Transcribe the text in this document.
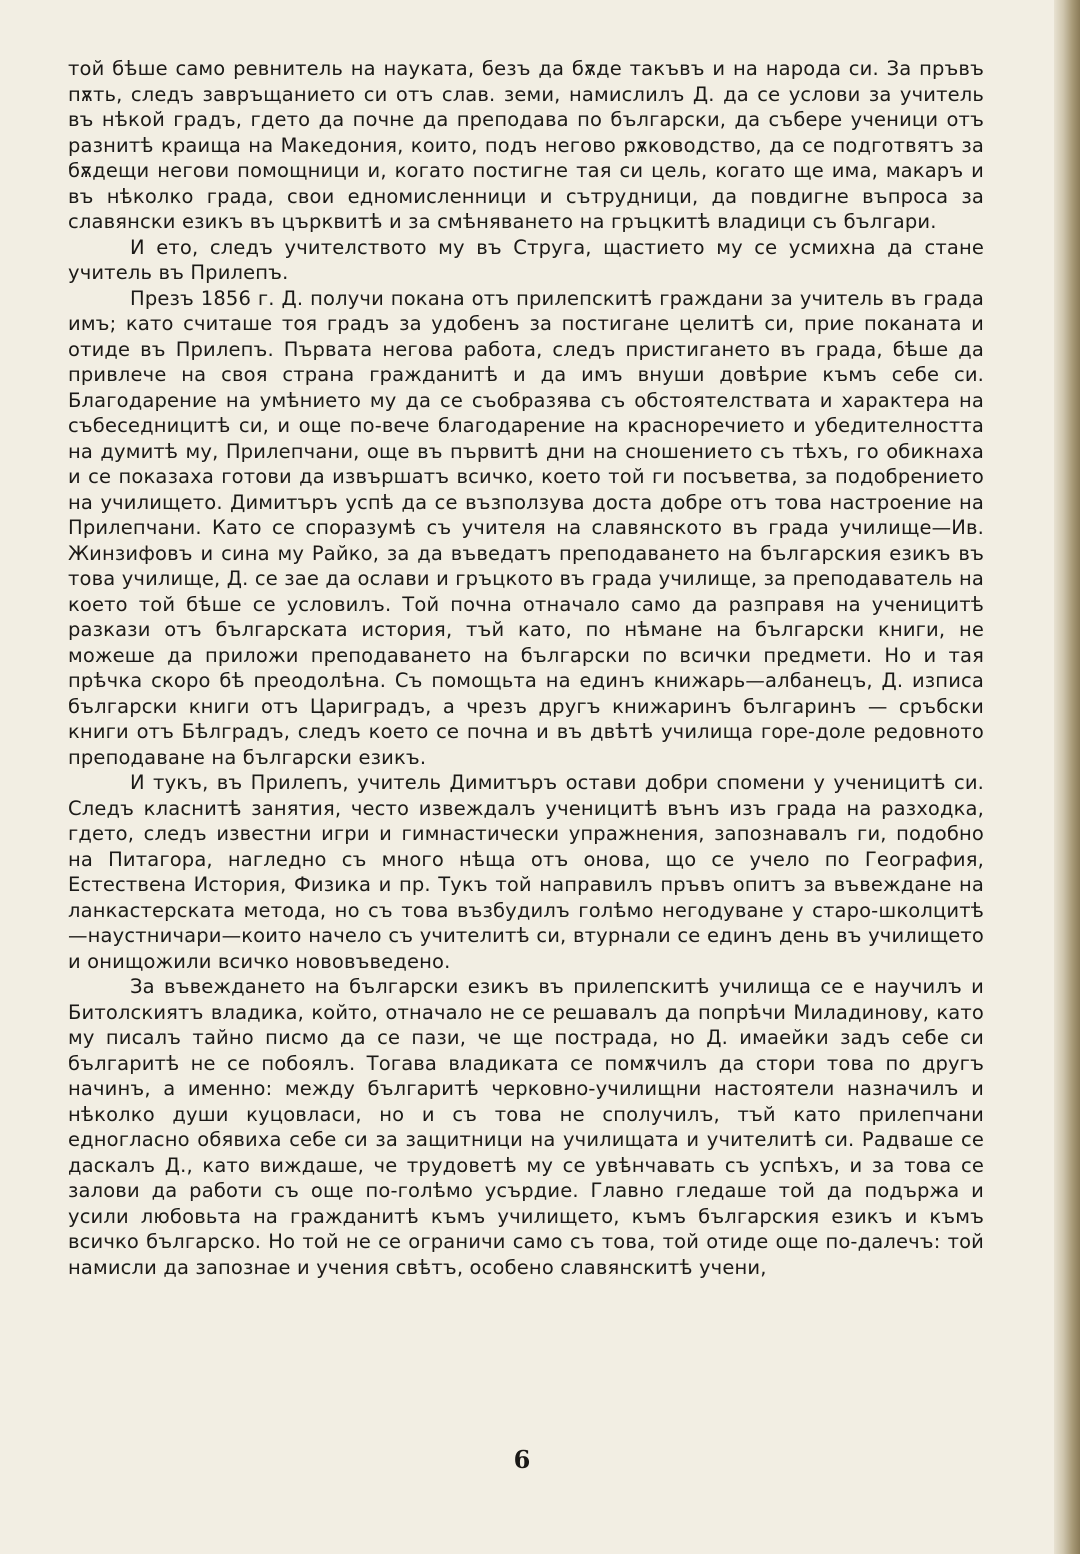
той бѣше само ревнитель на науката, безъ да бѫде такъвъ и на народа си. За пръвъ пѫть, следъ завръщанието си отъ слав. земи, намислилъ Д. да се услови за учитель въ нѣкой градъ, гдето да почне да преподава по български, да събере ученици отъ разнитѣ краища на Македония, които, подъ негово рѫководство, да се подготвятъ за бѫдещи негови помощници и, когато постигне тая си цель, когато ще има, макаръ и въ нѣколко града, свои едномисленници и сътрудници, да повдигне въпроса за славянски езикъ въ църквитѣ и за смѣняването на гръцкитѣ владици съ българи.

И ето, следъ учителството му въ Струга, щастието му се усмихна да стане учитель въ Прилепъ.

Презъ 1856 г. Д. получи покана отъ прилепскитѣ граждани за учитель въ града имъ; като считаше тоя градъ за удобенъ за постигане целитѣ си, прие поканата и отиде въ Прилепъ. Първата негова работа, следъ пристигането въ града, бѣше да привлече на своя страна гражданитѣ и да имъ внуши довѣрие къмъ себе си. Благодарение на умѣнието му да се съобразява съ обстоятелствата и характера на събеседницитѣ си, и още по-вече благодарение на красноречието и убедителността на думитѣ му, Прилепчани, още въ първитѣ дни на сношението съ тѣхъ, го обикнаха и се показаха готови да извършатъ всичко, което той ги посъветва, за подобрението на училището. Димитъръ успѣ да се възползува доста добре отъ това настроение на Прилепчани. Като се споразумѣ съ учителя на славянското въ града училище—Ив. Жинзифовъ и сина му Райко, за да въведатъ преподаването на българския езикъ въ това училище, Д. се зае да ослави и гръцкото въ града училище, за преподаватель на което той бѣше се условилъ. Той почна отначало само да разправя на ученицитѣ разкази отъ българската история, тъй като, по нѣмане на български книги, не можеше да приложи преподаването на български по всички предмети. Но и тая прѣчка скоро бѣ преодолѣна. Съ помощьта на единъ книжарь—албанецъ, Д. изписа български книги отъ Цариградъ, а чрезъ другъ книжаринъ българинъ — сръбски книги отъ Бѣлградъ, следъ което се почна и въ двѣтѣ училища горе-доле редовното преподаване на български езикъ.

И тукъ, въ Прилепъ, учитель Димитъръ остави добри спомени у ученицитѣ си. Следъ класнитѣ занятия, често извеждалъ ученицитѣ вънъ изъ града на разходка, гдето, следъ известни игри и гимнастически упражнения, запознавалъ ги, подобно на Питагора, нагледно съ много нѣща отъ онова, що се учело по География, Естествена История, Физика и пр. Тукъ той направилъ пръвъ опитъ за въвеждане на ланкастерската метода, но съ това възбудилъ голѣмо негодуване у старо-школцитѣ —наустничари—които начело съ учителитѣ си, втурнали се единъ день въ училището и онищожили всичко нововъведено.

За въвеждането на български езикъ въ прилепскитѣ училища се е научилъ и Битолскиятъ владика, който, отначало не се решавалъ да попрѣчи Миладинову, като му писалъ тайно писмо да се пази, че ще пострада, но Д. имаейки задъ себе си българитѣ не се побоялъ. Тогава владиката се помѫчилъ да стори това по другъ начинъ, а именно: между българитѣ черковно-училищни настоятели назначилъ и нѣколко души куцовласи, но и съ това не сполучилъ, тъй като прилепчани едногласно обявиха себе си за защитници на училищата и учителитѣ си. Радваше се даскалъ Д., като виждаше, че трудоветѣ му се увѣнчавать съ успѣхъ, и за това се залови да работи съ още по-голѣмо усърдие. Главно гледаше той да подържа и усили любовьта на гражданитѣ къмъ училището, къмъ българския езикъ и къмъ всичко българско. Но той не се ограничи само съ това, той отиде още по-далечъ: той намисли да запознае и учения свѣтъ, особено славянскитѣ учени,

6
